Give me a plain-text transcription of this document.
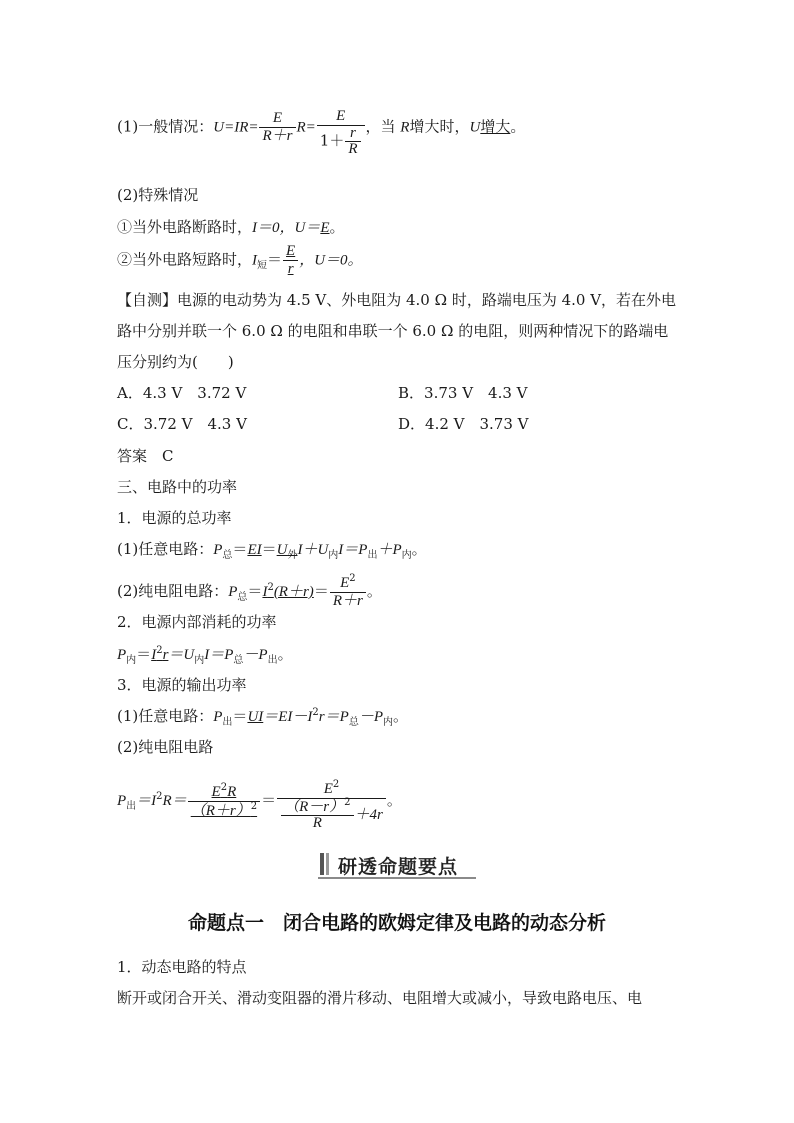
(1)一般情况：$U=IR= \frac{E}{R+r} R= \frac{E}{1+ \frac{r}{R}}$ ，当 R增大时，U增大。
(2)特殊情况
①当外电路断路时，I＝0，U＝E。
②当外电路短路时，$I_短= \frac{E}{r}$ ，U＝0。
【自测】电源的电动势为 4.5 V、外电阻为 4.0 Ω 时，路端电压为 4.0 V，若在外电
路中分别并联一个 6.0 Ω 的电阻和串联一个 6.0 Ω 的电阻，则两种情况下的路端电
压分别约为(　　)
A．4.3 V　3.72 V	B．3.73 V　4.3 V
C．3.72 V　4.3 V	D．4.2 V　3.73 V
答案　C
三、电路中的功率
1．电源的总功率
(1)任意电路：$P_总=EI=U_外I+U_内I=P_出+P_内$。
(2)纯电阻电路：$P_总=I^2(R+r)= \frac{E^2}{R+r}$ 。
2．电源内部消耗的功率
$P_内=I^2r=U_内I=P_总-P_出$。
3．电源的输出功率
(1)任意电路：$P_出=UI=EI-I^2r=P_总-P_内$。
(2)纯电阻电路
$P_出=I^2R= \frac{E^2R}{(R+r)^2} = \frac{E^2}{\frac{(R-r)^2}{R} +4r}$ 。
研透命题要点
命题点一　闭合电路的欧姆定律及电路的动态分析
1．动态电路的特点
断开或闭合开关、滑动变阻器的滑片移动、电阻增大或减小，导致电路电压、电
